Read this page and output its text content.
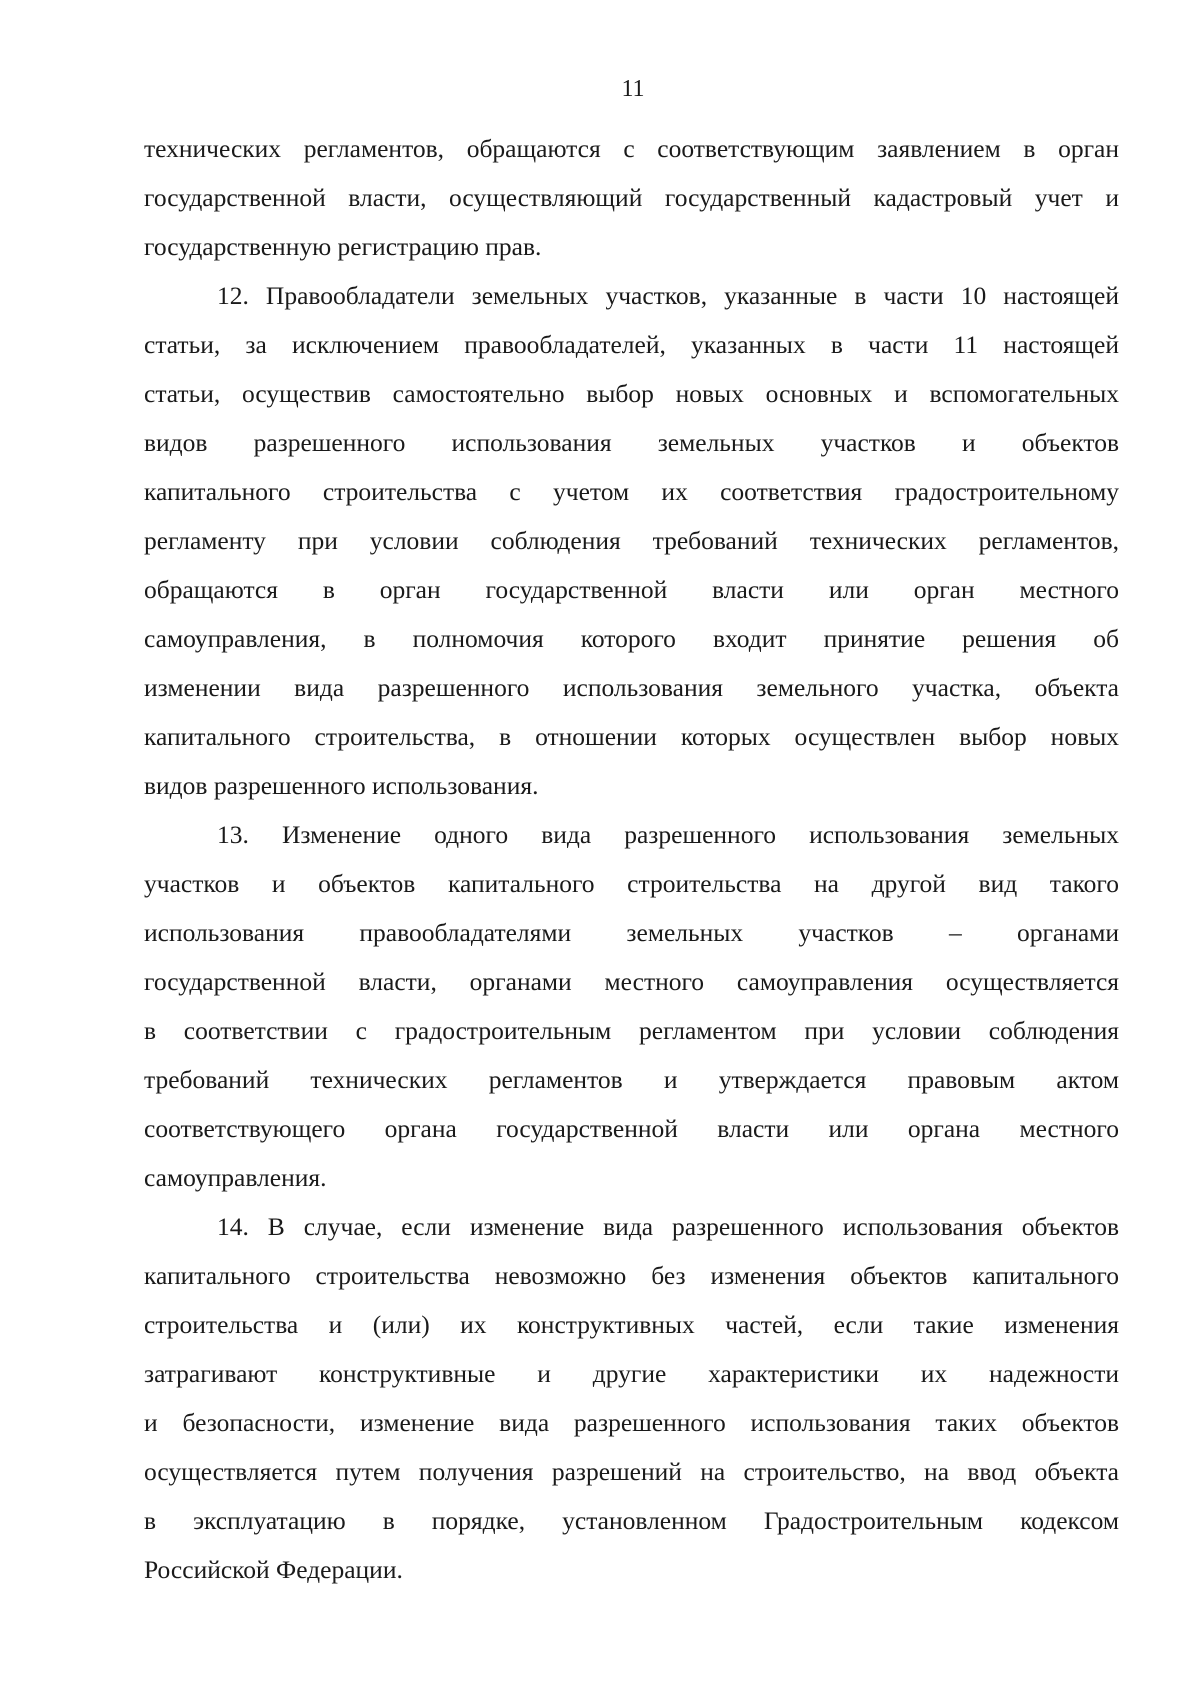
11
технических регламентов, обращаются с соответствующим заявлением в орган
государственной власти, осуществляющий государственный кадастровый учет и
государственную регистрацию прав.
12. Правообладатели земельных участков, указанные в части 10 настоящей
статьи, за исключением правообладателей, указанных в части 11 настоящей
статьи, осуществив самостоятельно выбор новых основных и вспомогательных
видов разрешенного использования земельных участков и объектов
капитального строительства с учетом их соответствия градостроительному
регламенту при условии соблюдения требований технических регламентов,
обращаются в орган государственной власти или орган местного
самоуправления, в полномочия которого входит принятие решения об
изменении вида разрешенного использования земельного участка, объекта
капитального строительства, в отношении которых осуществлен выбор новых
видов разрешенного использования.
13. Изменение одного вида разрешенного использования земельных
участков и объектов капитального строительства на другой вид такого
использования правообладателями земельных участков – органами
государственной власти, органами местного самоуправления осуществляется
в соответствии с градостроительным регламентом при условии соблюдения
требований технических регламентов и утверждается правовым актом
соответствующего органа государственной власти или органа местного
самоуправления.
14. В случае, если изменение вида разрешенного использования объектов
капитального строительства невозможно без изменения объектов капитального
строительства и (или) их конструктивных частей, если такие изменения
затрагивают конструктивные и другие характеристики их надежности
и безопасности, изменение вида разрешенного использования таких объектов
осуществляется путем получения разрешений на строительство, на ввод объекта
в эксплуатацию в порядке, установленном Градостроительным кодексом
Российской Федерации.
